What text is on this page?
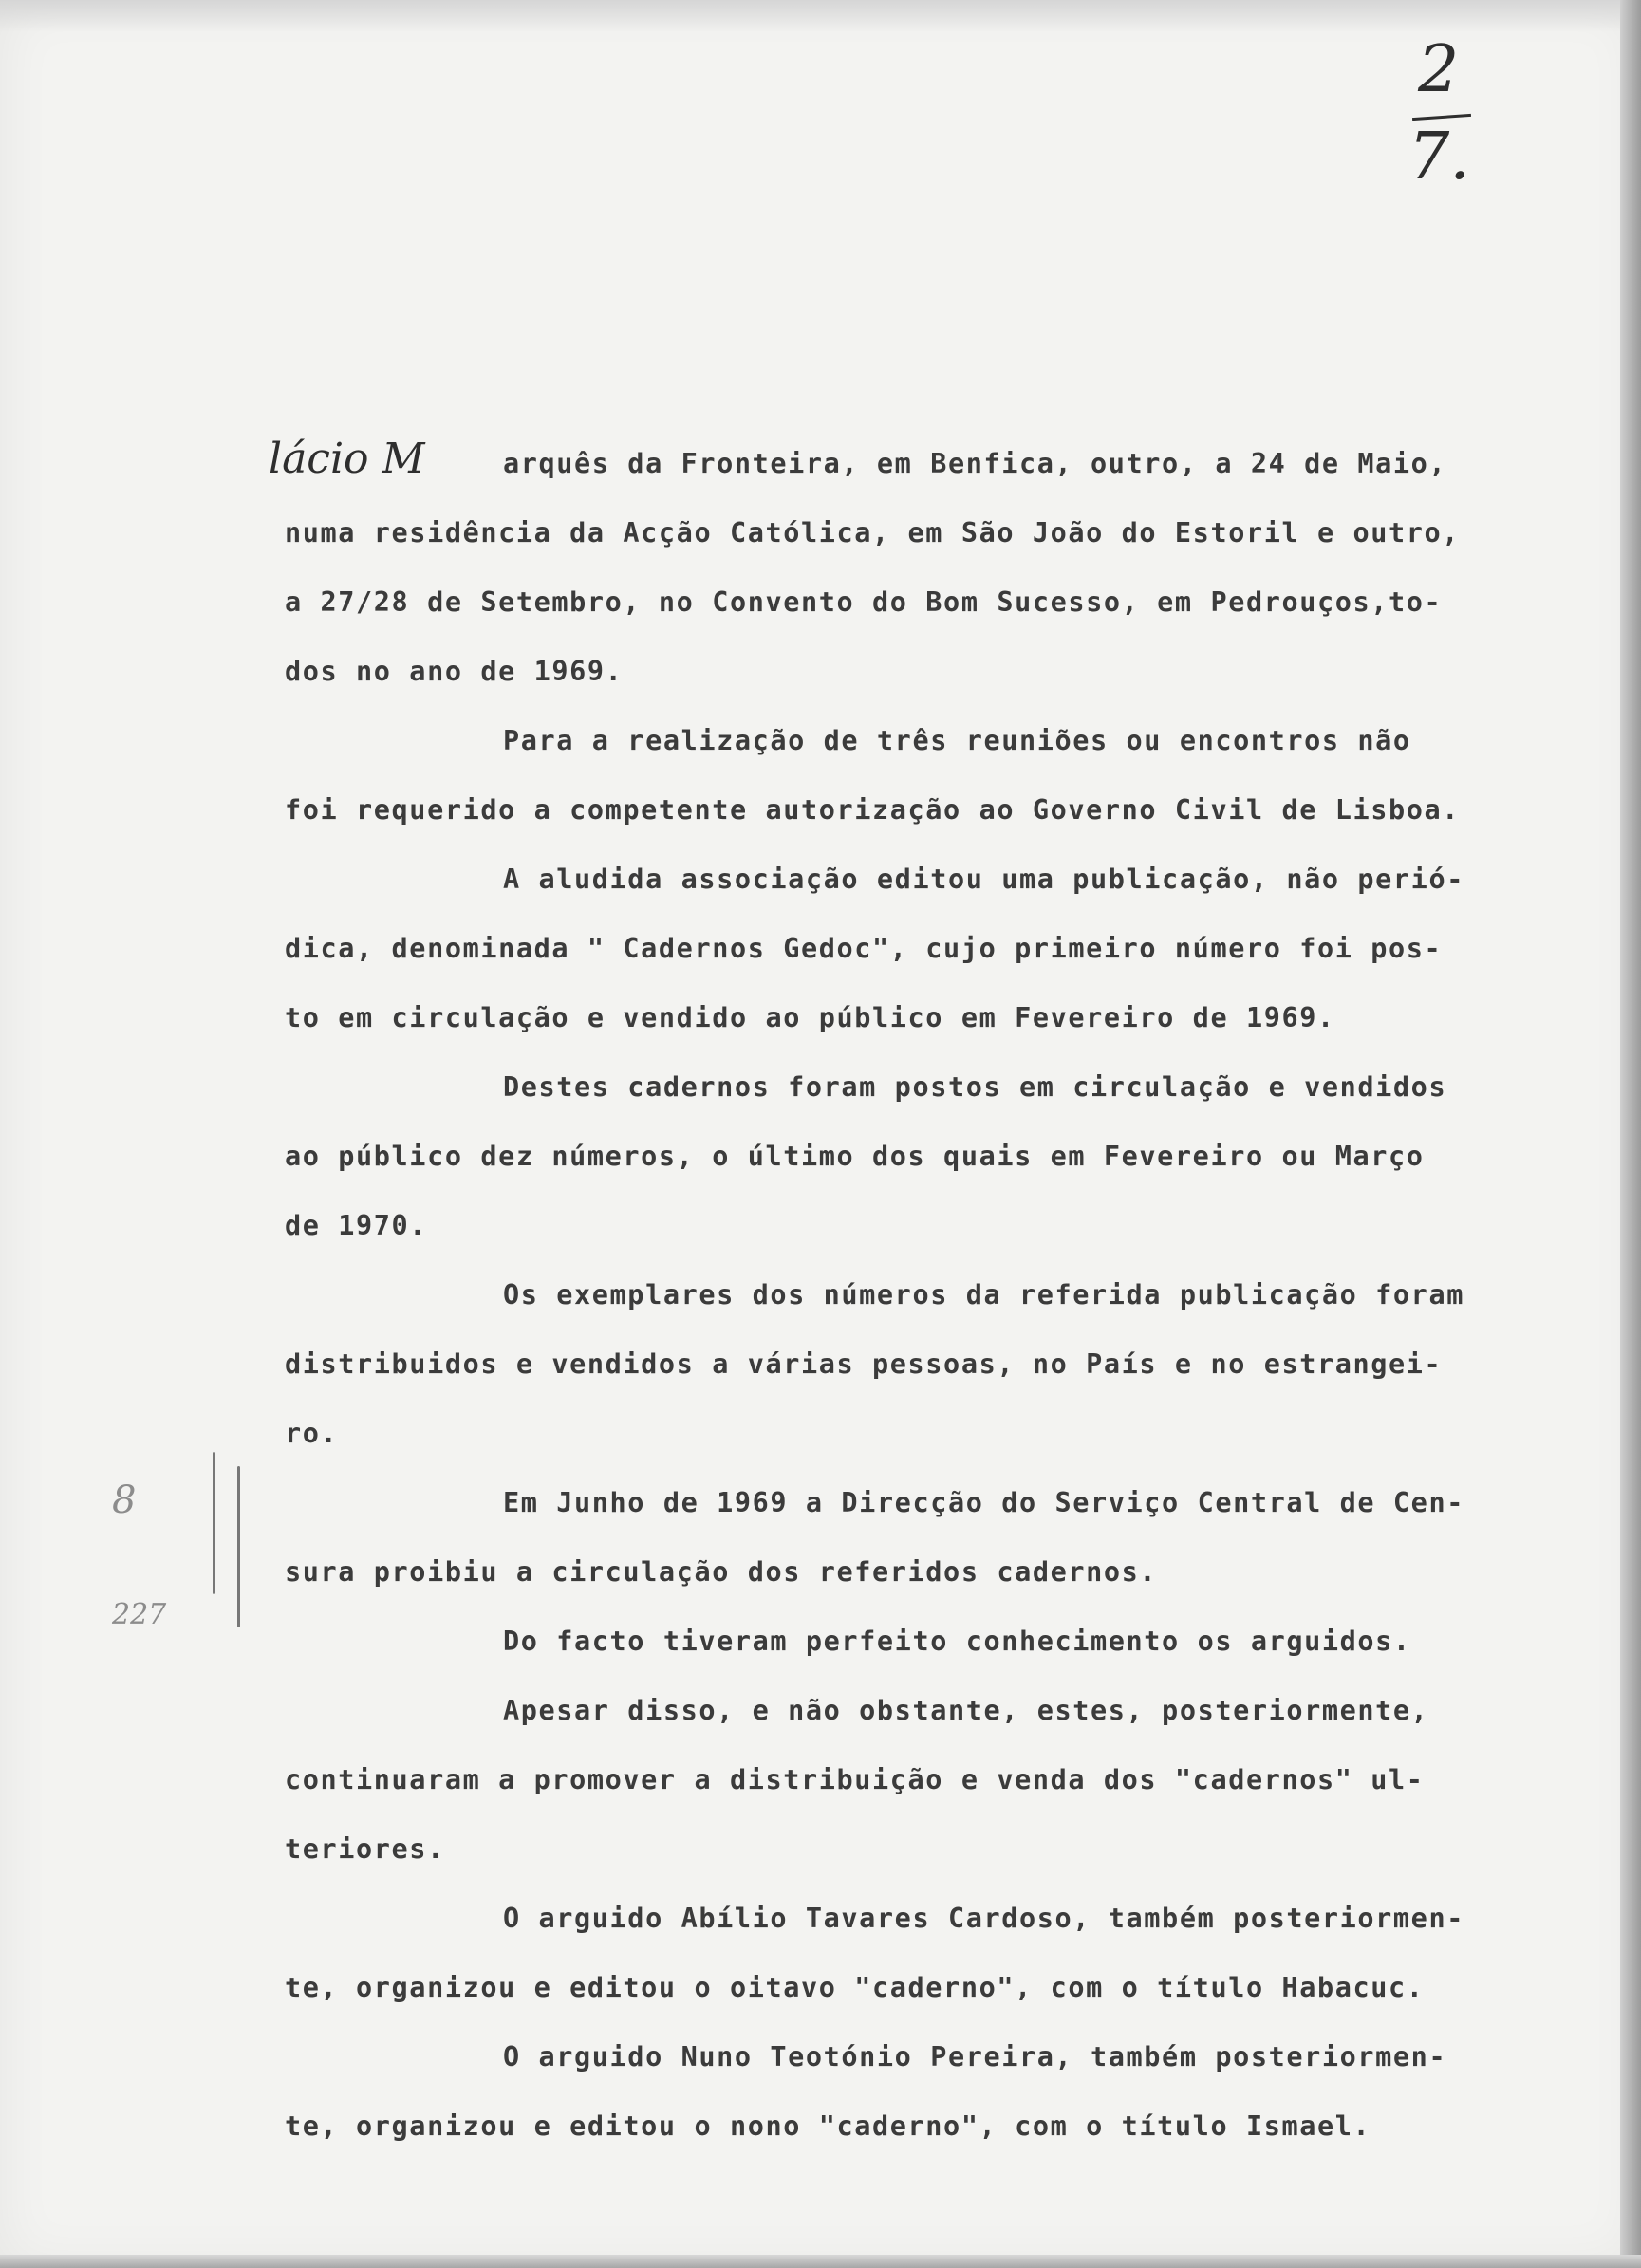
2
7.
lácio M	arquês da Fronteira, em Benfica, outro, a 24 de Maio,
numa residência da Acção Católica, em São João do Estoril e outro,
a 27/28 de Setembro, no Convento do Bom Sucesso, em Pedrouços,to-
dos no ano de 1969.
Para a realização de três reuniões ou encontros não
foi requerido a competente autorização ao Governo Civil de Lisboa.
A aludida associação editou uma publicação, não perió-
dica, denominada " Cadernos Gedoc", cujo primeiro número foi pos-
to em circulação e vendido ao público em Fevereiro de 1969.
Destes cadernos foram postos em circulação e vendidos
ao público dez números, o último dos quais em Fevereiro ou Março
de 1970.
Os exemplares dos números da referida publicação foram
distribuidos e vendidos a várias pessoas, no País e no estrangei-
ro.
Em Junho de 1969 a Direcção do Serviço Central de Cen-
sura proibiu a circulação dos referidos cadernos.
Do facto tiveram perfeito conhecimento os arguidos.
Apesar disso, e não obstante, estes, posteriormente,
continuaram a promover a distribuição e venda dos "cadernos" ul-
teriores.
O arguido Abílio Tavares Cardoso, também posteriormen-
te, organizou e editou o oitavo "caderno", com o título Habacuc.
O arguido Nuno Teotónio Pereira, também posteriormen-
te, organizou e editou o nono "caderno", com o título Ismael.
8
227
